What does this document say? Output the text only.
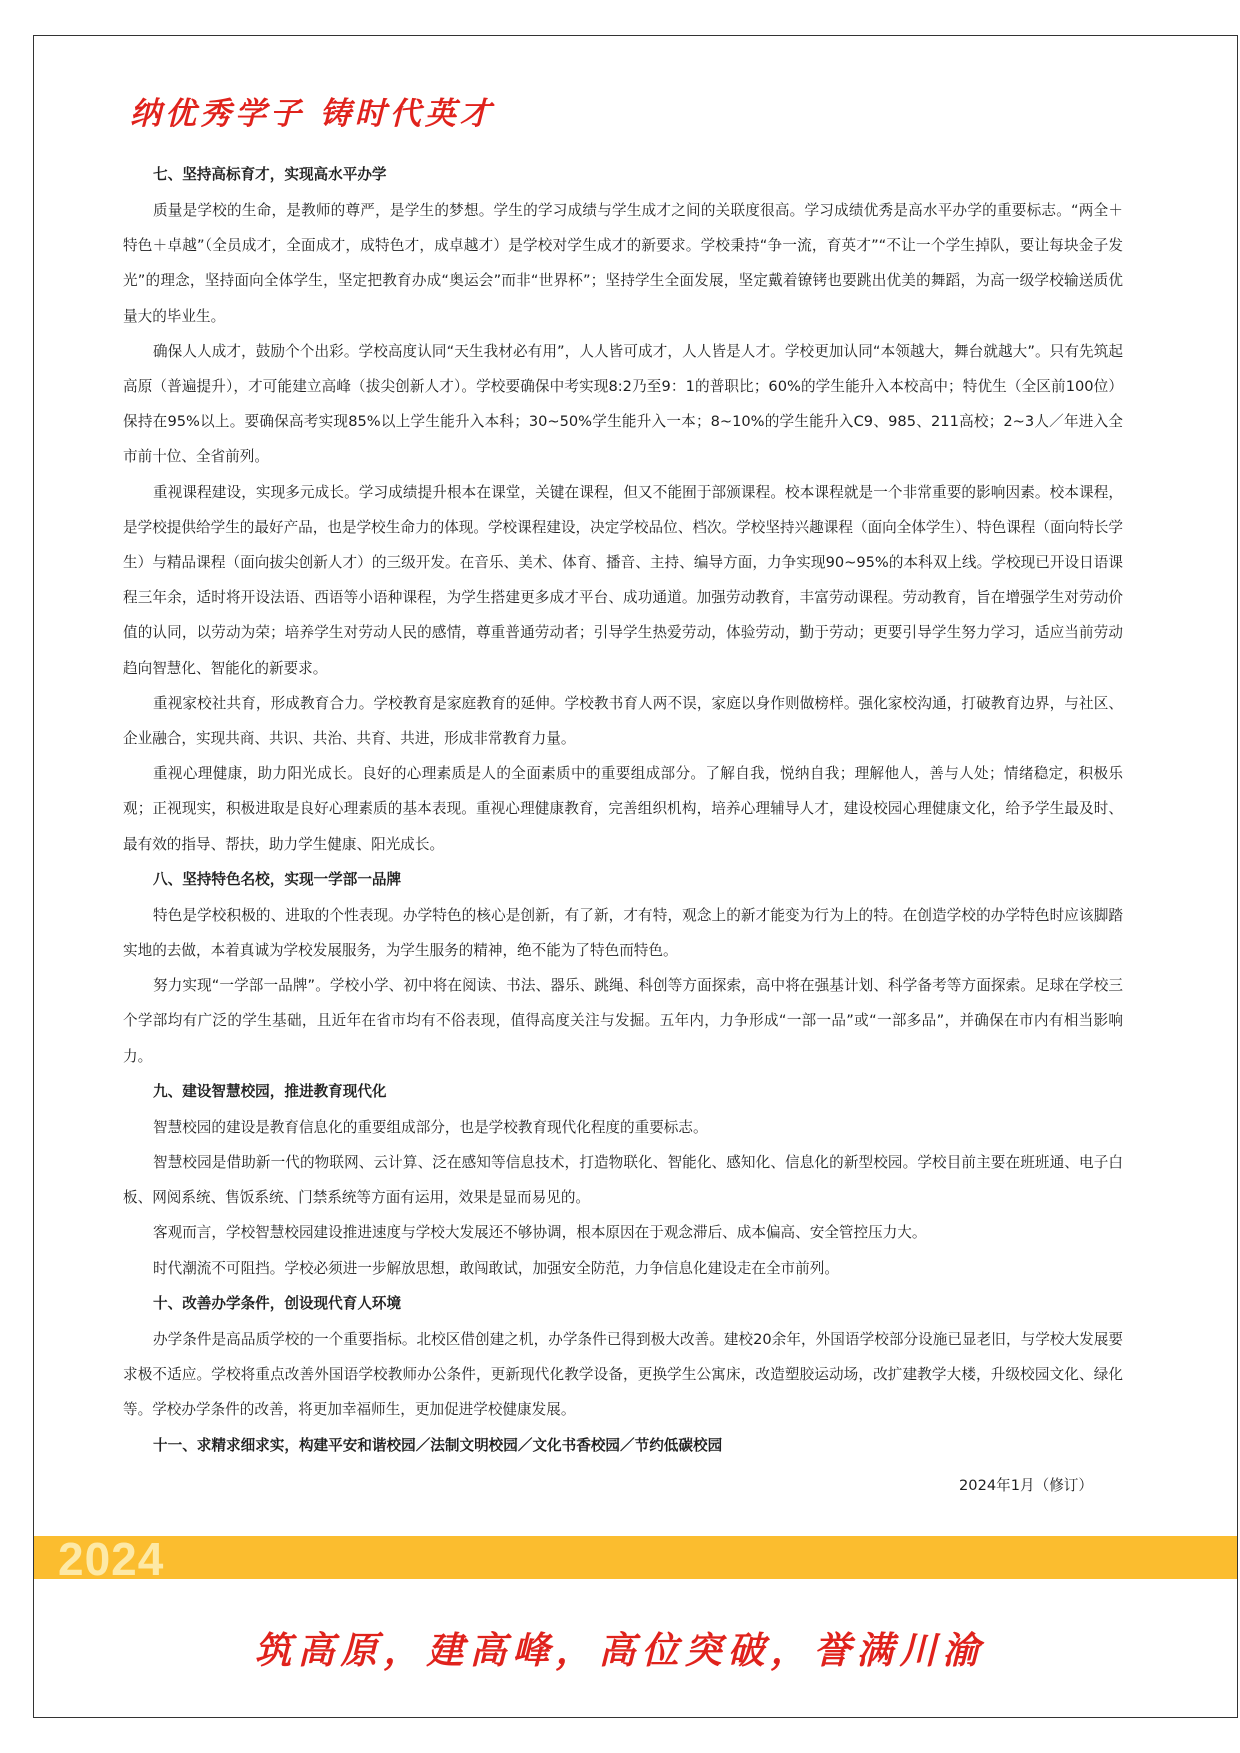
纳优秀学子 铸时代英才
七、坚持高标育才，实现高水平办学

质量是学校的生命，是教师的尊严，是学生的梦想。学生的学习成绩与学生成才之间的关联度很高。学习成绩优秀是高水平办学的重要标志。“两全＋特色＋卓越”（全员成才，全面成才，成特色才，成卓越才）是学校对学生成才的新要求。学校秉持“争一流，育英才”“不让一个学生掉队，要让每块金子发光”的理念，坚持面向全体学生，坚定把教育办成“奥运会”而非“世界杯”；坚持学生全面发展，坚定戴着镣铐也要跳出优美的舞蹈，为高一级学校输送质优量大的毕业生。

确保人人成才，鼓励个个出彩。学校高度认同“天生我材必有用”，人人皆可成才，人人皆是人才。学校更加认同“本领越大，舞台就越大”。只有先筑起高原（普遍提升），才可能建立高峰（拔尖创新人才）。学校要确保中考实现8:2乃至9：1的普职比；60%的学生能升入本校高中；特优生（全区前100位）保持在95%以上。要确保高考实现85%以上学生能升入本科；30~50%学生能升入一本；8~10%的学生能升入C9、985、211高校；2~3人／年进入全市前十位、全省前列。

重视课程建设，实现多元成长。学习成绩提升根本在课堂，关键在课程，但又不能囿于部颁课程。校本课程就是一个非常重要的影响因素。校本课程，是学校提供给学生的最好产品，也是学校生命力的体现。学校课程建设，决定学校品位、档次。学校坚持兴趣课程（面向全体学生）、特色课程（面向特长学生）与精品课程（面向拔尖创新人才）的三级开发。在音乐、美术、体育、播音、主持、编导方面，力争实现90~95%的本科双上线。学校现已开设日语课程三年余，适时将开设法语、西语等小语种课程，为学生搭建更多成才平台、成功通道。加强劳动教育，丰富劳动课程。劳动教育，旨在增强学生对劳动价值的认同，以劳动为荣；培养学生对劳动人民的感情，尊重普通劳动者；引导学生热爱劳动，体验劳动，勤于劳动；更要引导学生努力学习，适应当前劳动趋向智慧化、智能化的新要求。

重视家校社共育，形成教育合力。学校教育是家庭教育的延伸。学校教书育人两不误，家庭以身作则做榜样。强化家校沟通，打破教育边界，与社区、企业融合，实现共商、共识、共治、共育、共进，形成非常教育力量。

重视心理健康，助力阳光成长。良好的心理素质是人的全面素质中的重要组成部分。了解自我，悦纳自我；理解他人，善与人处；情绪稳定，积极乐观；正视现实，积极进取是良好心理素质的基本表现。重视心理健康教育，完善组织机构，培养心理辅导人才，建设校园心理健康文化，给予学生最及时、最有效的指导、帮扶，助力学生健康、阳光成长。

八、坚持特色名校，实现一学部一品牌

特色是学校积极的、进取的个性表现。办学特色的核心是创新，有了新，才有特，观念上的新才能变为行为上的特。在创造学校的办学特色时应该脚踏实地的去做，本着真诚为学校发展服务，为学生服务的精神，绝不能为了特色而特色。

努力实现“一学部一品牌”。学校小学、初中将在阅读、书法、器乐、跳绳、科创等方面探索，高中将在强基计划、科学备考等方面探索。足球在学校三个学部均有广泛的学生基础，且近年在省市均有不俗表现，值得高度关注与发掘。五年内，力争形成“一部一品”或“一部多品”，并确保在市内有相当影响力。

九、建设智慧校园，推进教育现代化

智慧校园的建设是教育信息化的重要组成部分，也是学校教育现代化程度的重要标志。

智慧校园是借助新一代的物联网、云计算、泛在感知等信息技术，打造物联化、智能化、感知化、信息化的新型校园。学校目前主要在班班通、电子白板、网阅系统、售饭系统、门禁系统等方面有运用，效果是显而易见的。

客观而言，学校智慧校园建设推进速度与学校大发展还不够协调，根本原因在于观念滞后、成本偏高、安全管控压力大。

时代潮流不可阻挡。学校必须进一步解放思想，敢闯敢试，加强安全防范，力争信息化建设走在全市前列。

十、改善办学条件，创设现代育人环境

办学条件是高品质学校的一个重要指标。北校区借创建之机，办学条件已得到极大改善。建校20余年，外国语学校部分设施已显老旧，与学校大发展要求极不适应。学校将重点改善外国语学校教师办公条件，更新现代化教学设备，更换学生公寓床，改造塑胶运动场，改扩建教学大楼，升级校园文化、绿化等。学校办学条件的改善，将更加幸福师生，更加促进学校健康发展。

十一、求精求细求实，构建平安和谐校园／法制文明校园／文化书香校园／节约低碳校园
2024年1月（修订）
2024
筑高原，建高峰，高位突破，誉满川渝
